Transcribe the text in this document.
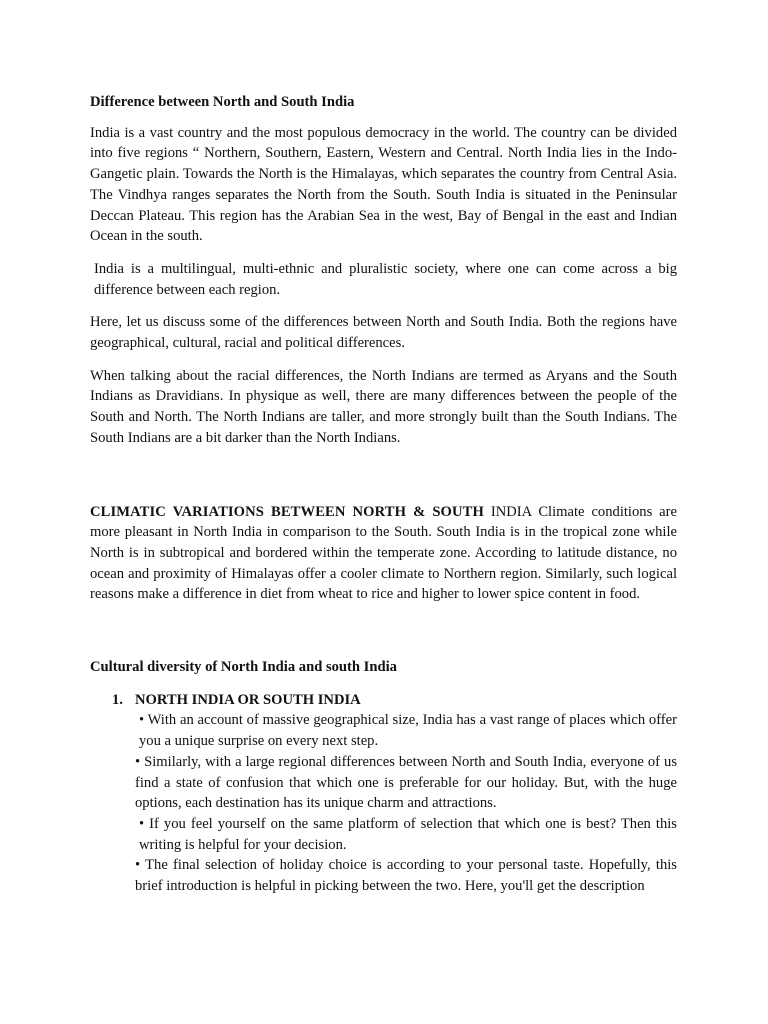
Difference between North and South India

India is a vast country and the most populous democracy in the world. The country can be divided into five regions “ Northern, Southern, Eastern, Western and Central. North India lies in the Indo-Gangetic plain. Towards the North is the Himalayas, which separates the country from Central Asia. The Vindhya ranges separates the North from the South. South India is situated in the Peninsular Deccan Plateau. This region has the Arabian Sea in the west, Bay of Bengal in the east and Indian Ocean in the south.

India is a multilingual, multi-ethnic and pluralistic society, where one can come across a big difference between each region.

Here, let us discuss some of the differences between North and South India. Both the regions have geographical, cultural, racial and political differences.

When talking about the racial differences, the North Indians are termed as Aryans and the South Indians as Dravidians. In physique as well, there are many differences between the people of the South and North. The North Indians are taller, and more strongly built than the South Indians. The South Indians are a bit darker than the North Indians.

CLIMATIC VARIATIONS BETWEEN NORTH & SOUTH INDIA Climate conditions are more pleasant in North India in comparison to the South. South India is in the tropical zone while North is in subtropical and bordered within the temperate zone. According to latitude distance, no ocean and proximity of Himalayas offer a cooler climate to Northern region. Similarly, such logical reasons make a difference in diet from wheat to rice and higher to lower spice content in food.

Cultural diversity of North India and south India

1. NORTH INDIA OR SOUTH INDIA

• With an account of massive geographical size, India has a vast range of places which offer you a unique surprise on every next step.

• Similarly, with a large regional differences between North and South India, everyone of us find a state of confusion that which one is preferable for our holiday. But, with the huge options, each destination has its unique charm and attractions.

• If you feel yourself on the same platform of selection that which one is best? Then this writing is helpful for your decision.

• The final selection of holiday choice is according to your personal taste. Hopefully, this brief introduction is helpful in picking between the two. Here, you'll get the description
